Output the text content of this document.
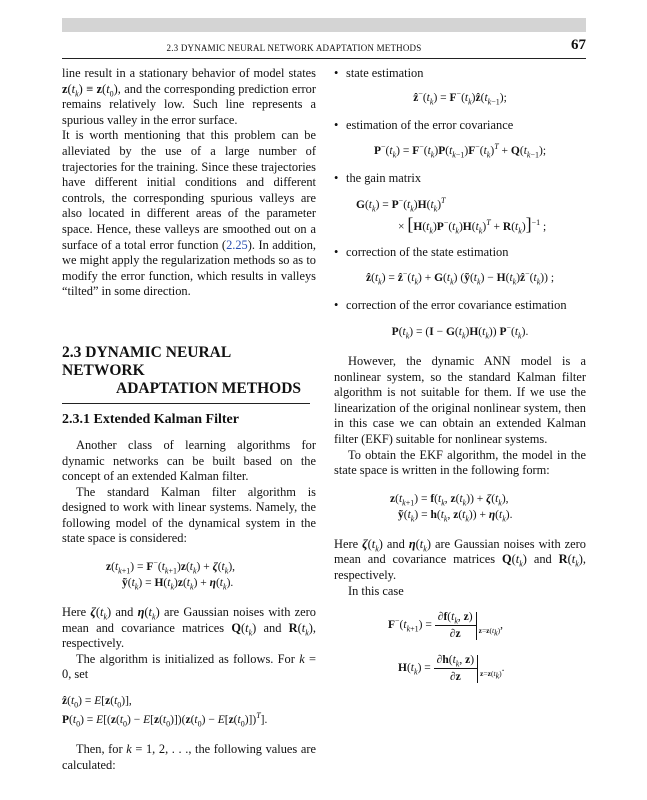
2.3 DYNAMIC NEURAL NETWORK ADAPTATION METHODS	67

line result in a stationary behavior of model states $z(t_k) \equiv z(t_0)$, and the corresponding prediction error remains relatively low. Such line represents a spurious valley in the error surface.

It is worth mentioning that this problem can be alleviated by the use of a large number of trajectories for the training. Since these trajectories have different initial conditions and different controls, the corresponding spurious valleys are also located in different areas of the parameter space. Hence, these valleys are smoothed out on a surface of a total error function (2.25). In addition, we might apply the regularization methods so as to modify the error function, which results in valleys “tilted” in some direction.

2.3 DYNAMIC NEURAL NETWORK
ADAPTATION METHODS
2.3.1 Extended Kalman Filter

Another class of learning algorithms for dynamic networks can be built based on the concept of an extended Kalman filter.

The standard Kalman filter algorithm is designed to work with linear systems. Namely, the following model of the dynamical system in the state space is considered:

$z(t_{k+1}) = F^-(t_{k+1})z(t_k) + \zeta(t_k)$,
$ỹ(t_k) = H(t_k)z(t_k) + \eta(t_k)$.

Here $\zeta(t_k)$ and $\eta(t_k)$ are Gaussian noises with zero mean and covariance matrices $Q(t_k)$ and $R(t_k)$, respectively.

The algorithm is initialized as follows. For k = 0, set

$ẑ(t_0) = E[z(t_0)]$,
$P(t_0) = E[(z(t_0) - E[z(t_0)])(z(t_0) - E[z(t_0)])^T]$.

Then, for k = 1, 2, . . ., the following values are calculated:

• state estimation
$ẑ^-(t_k)$ = $F^-(t_k)ẑ(t_{k-1})$;
• estimation of the error covariance
$P^-(t_k) = F^-(t_k)P(t_{k-1})F^-(t_k)^T + Q(t_{k-1})$;
• the gain matrix
$G(t_k) = P^-(t_k)H(t_k)^T$
× $[H(t_k)P^-(t_k)H(t_k)^T + R(t_k)]^{-1}$ ;
• correction of the state estimation
$ẑ(t_k)$ = $ẑ^-(t_k) + G(t_k)$ ($ỹ(t_k)$ − $H(t_k)ẑ^-(t_k)$) ;
• correction of the error covariance estimation
$P(t_k) = (I - G(t_k)H(t_k))$ $P^-(t_k)$.

However, the dynamic ANN model is a nonlinear system, so the standard Kalman filter algorithm is not suitable for them. If we use the linearization of the original nonlinear system, then in this case we can obtain an extended Kalman filter (EKF) suitable for nonlinear systems.

To obtain the EKF algorithm, the model in the state space is written in the following form:

$z(t_{k+1}) = f(t_k$, $z(t_k)) + \zeta(t_k)$,
$ỹ(t_k) = h(t_k$, $z(t_k)) + \eta(t_k)$.

Here $\zeta(t_k)$ and $\eta(t_k)$ are Gaussian noises with zero mean and covariance matrices $Q(t_k)$ and $R(t_k)$, respectively.

In this case

$F^-(t_{k+1}) = \frac{\partial f(t_k, z)}{\partial z} _{z=z(t_k)}$,
$H(t_k) = \frac{\partial h(t_k, z)}{\partial z} _{z=z(t_k)}$.
